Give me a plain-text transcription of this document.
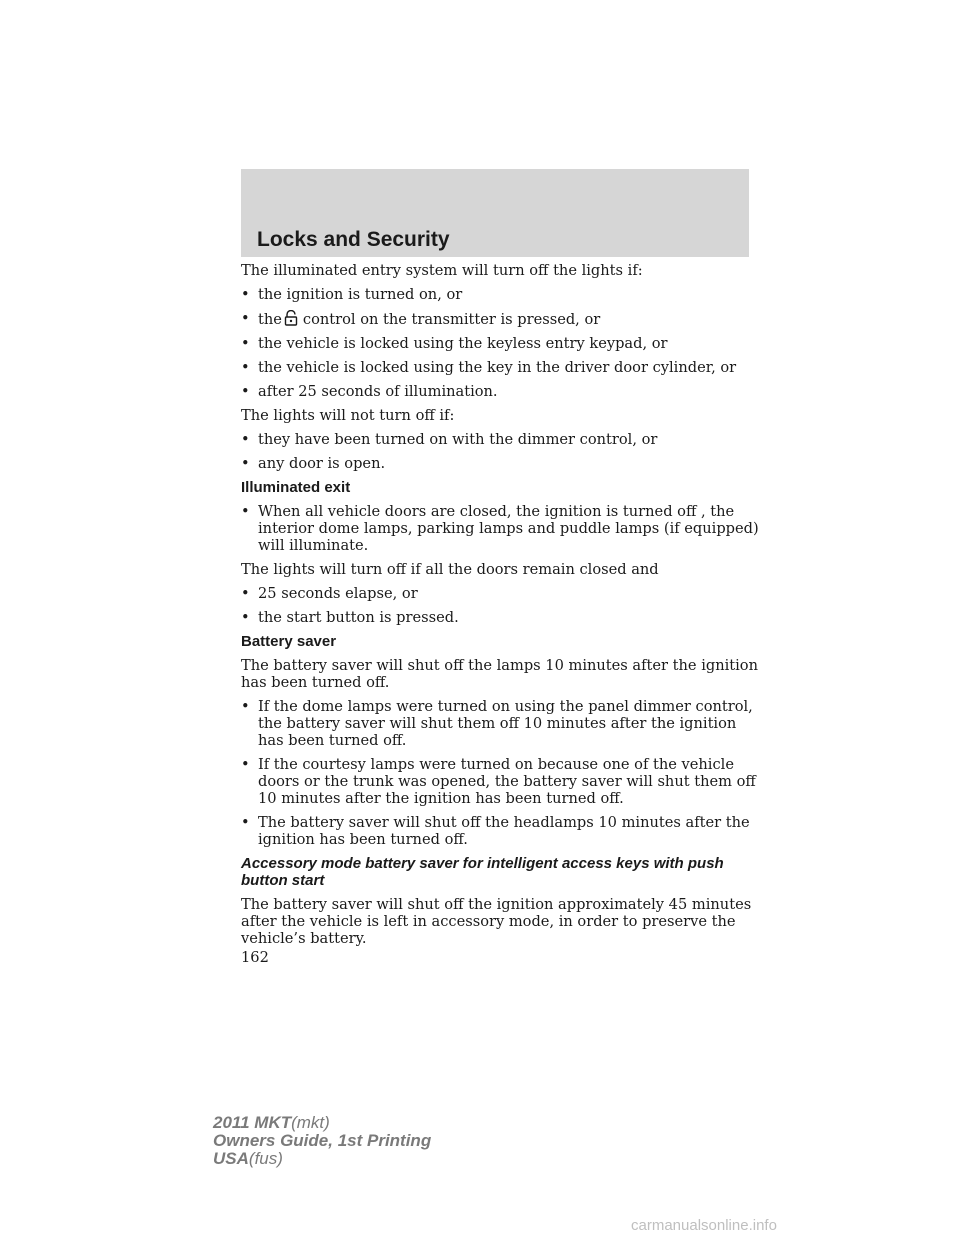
Locks and Security

The illuminated entry system will turn off the lights if:

• the ignition is turned on, or
• the control on the transmitter is pressed, or
• the vehicle is locked using the keyless entry keypad, or
• the vehicle is locked using the key in the driver door cylinder, or
• after 25 seconds of illumination.

The lights will not turn off if:

• they have been turned on with the dimmer control, or
• any door is open.
Illuminated exit
• When all vehicle doors are closed, the ignition is turned off , the interior dome lamps, parking lamps and puddle lamps (if equipped) will illuminate.

The lights will turn off if all the doors remain closed and

• 25 seconds elapse, or
• the start button is pressed.
Battery saver

The battery saver will shut off the lamps 10 minutes after the ignition has been turned off.

• If the dome lamps were turned on using the panel dimmer control, the battery saver will shut them off 10 minutes after the ignition has been turned off.
• If the courtesy lamps were turned on because one of the vehicle doors or the trunk was opened, the battery saver will shut them off 10 minutes after the ignition has been turned off.
• The battery saver will shut off the headlamps 10 minutes after the ignition has been turned off.
Accessory mode battery saver for intelligent access keys with push button start

The battery saver will shut off the ignition approximately 45 minutes after the vehicle is left in accessory mode, in order to preserve the vehicle’s battery.

162
2011 MKT(mkt)
Owners Guide, 1st Printing
USA(fus)
carmanualsonline.info
